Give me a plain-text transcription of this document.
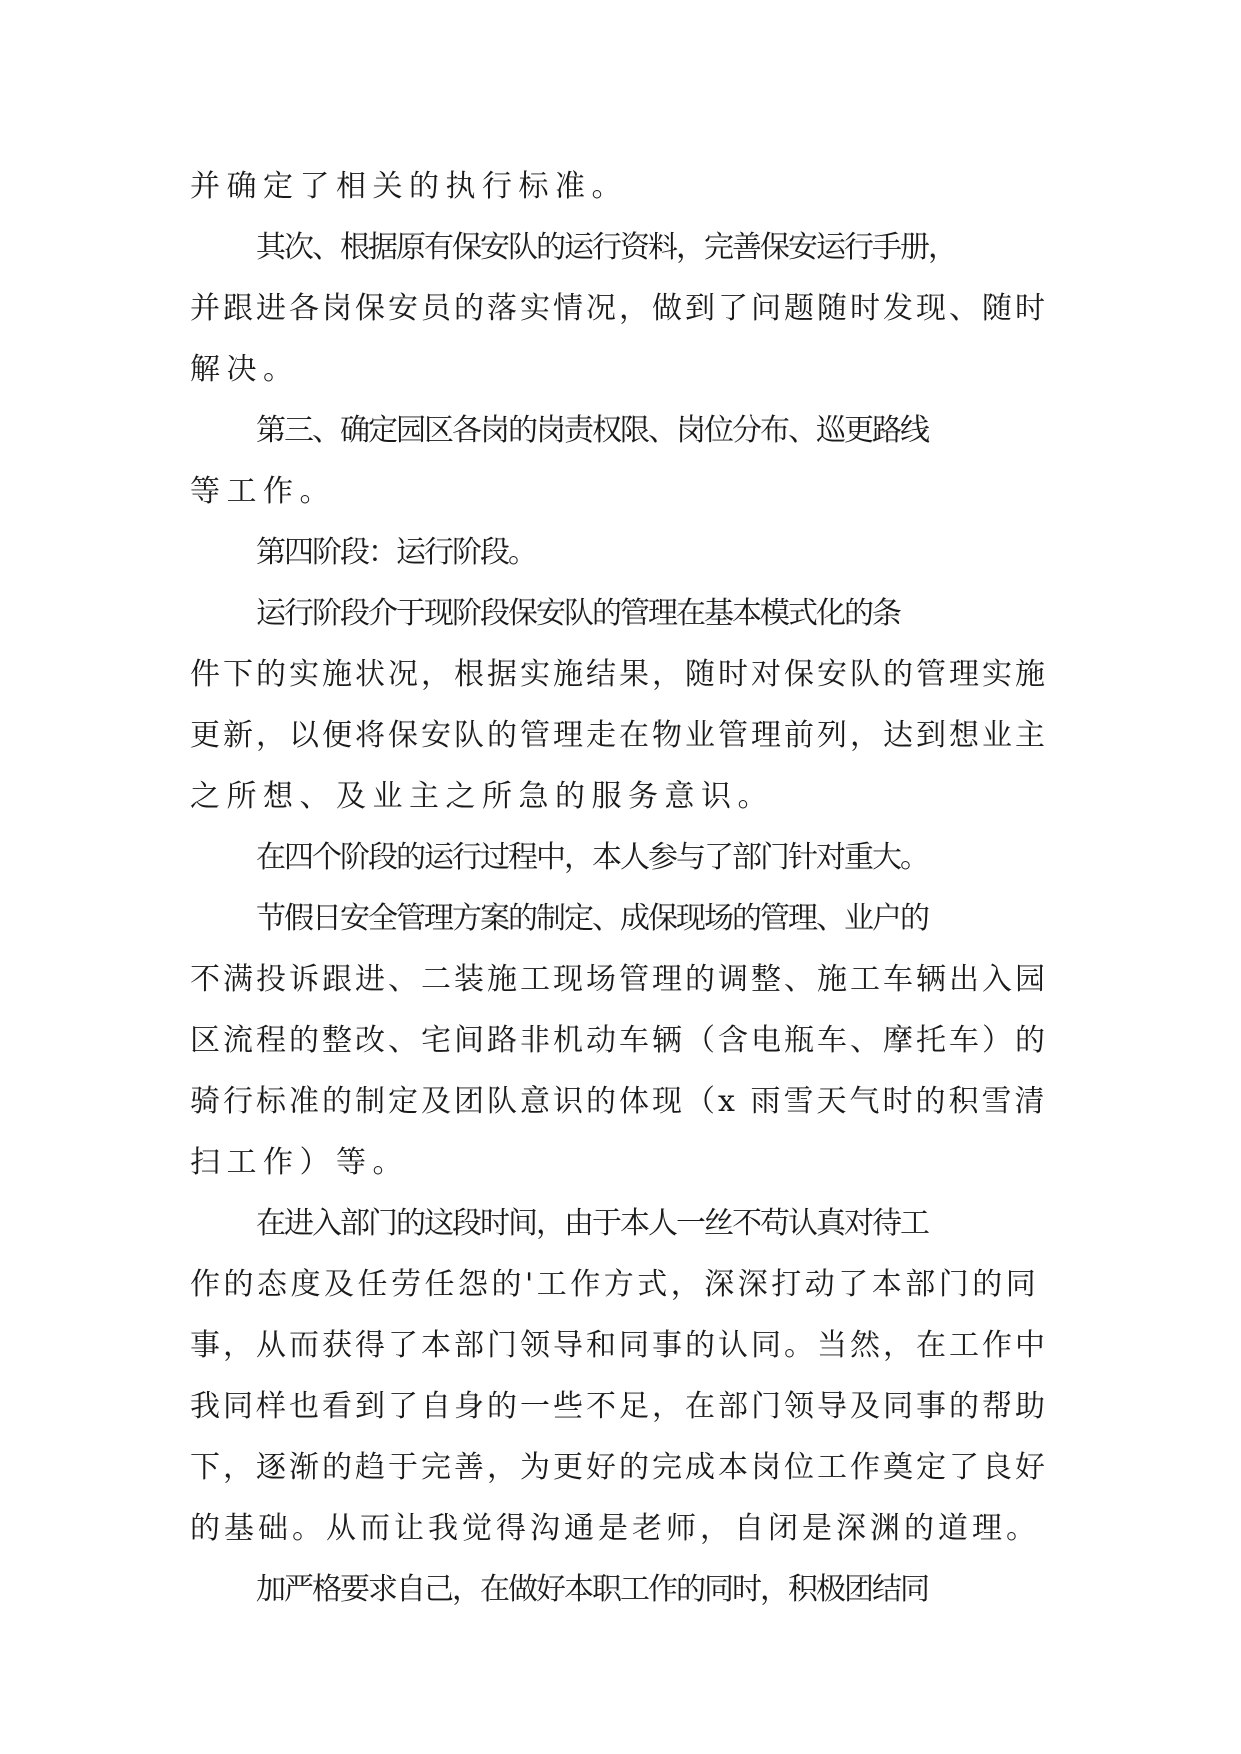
并确定了相关的执行标准。
其次、根据原有保安队的运行资料，完善保安运行手册，
并跟进各岗保安员的落实情况，做到了问题随时发现、随时
解决。
第三、确定园区各岗的岗责权限、岗位分布、巡更路线
等工作。
第四阶段：运行阶段。
运行阶段介于现阶段保安队的管理在基本模式化的条
件下的实施状况，根据实施结果，随时对保安队的管理实施
更新，以便将保安队的管理走在物业管理前列，达到想业主
之所想、及业主之所急的服务意识。
在四个阶段的运行过程中，本人参与了部门针对重大。
节假日安全管理方案的制定、成保现场的管理、业户的
不满投诉跟进、二装施工现场管理的调整、施工车辆出入园
区流程的整改、宅间路非机动车辆（含电瓶车、摩托车）的
骑行标准的制定及团队意识的体现（x 雨雪天气时的积雪清
扫工作）等。
在进入部门的这段时间，由于本人一丝不苟认真对待工
作的态度及任劳任怨的'工作方式，深深打动了本部门的同
事，从而获得了本部门领导和同事的认同。当然，在工作中
我同样也看到了自身的一些不足，在部门领导及同事的帮助
下，逐渐的趋于完善，为更好的完成本岗位工作奠定了良好
的基础。从而让我觉得沟通是老师，自闭是深渊的道理。
加严格要求自己，在做好本职工作的同时，积极团结同
